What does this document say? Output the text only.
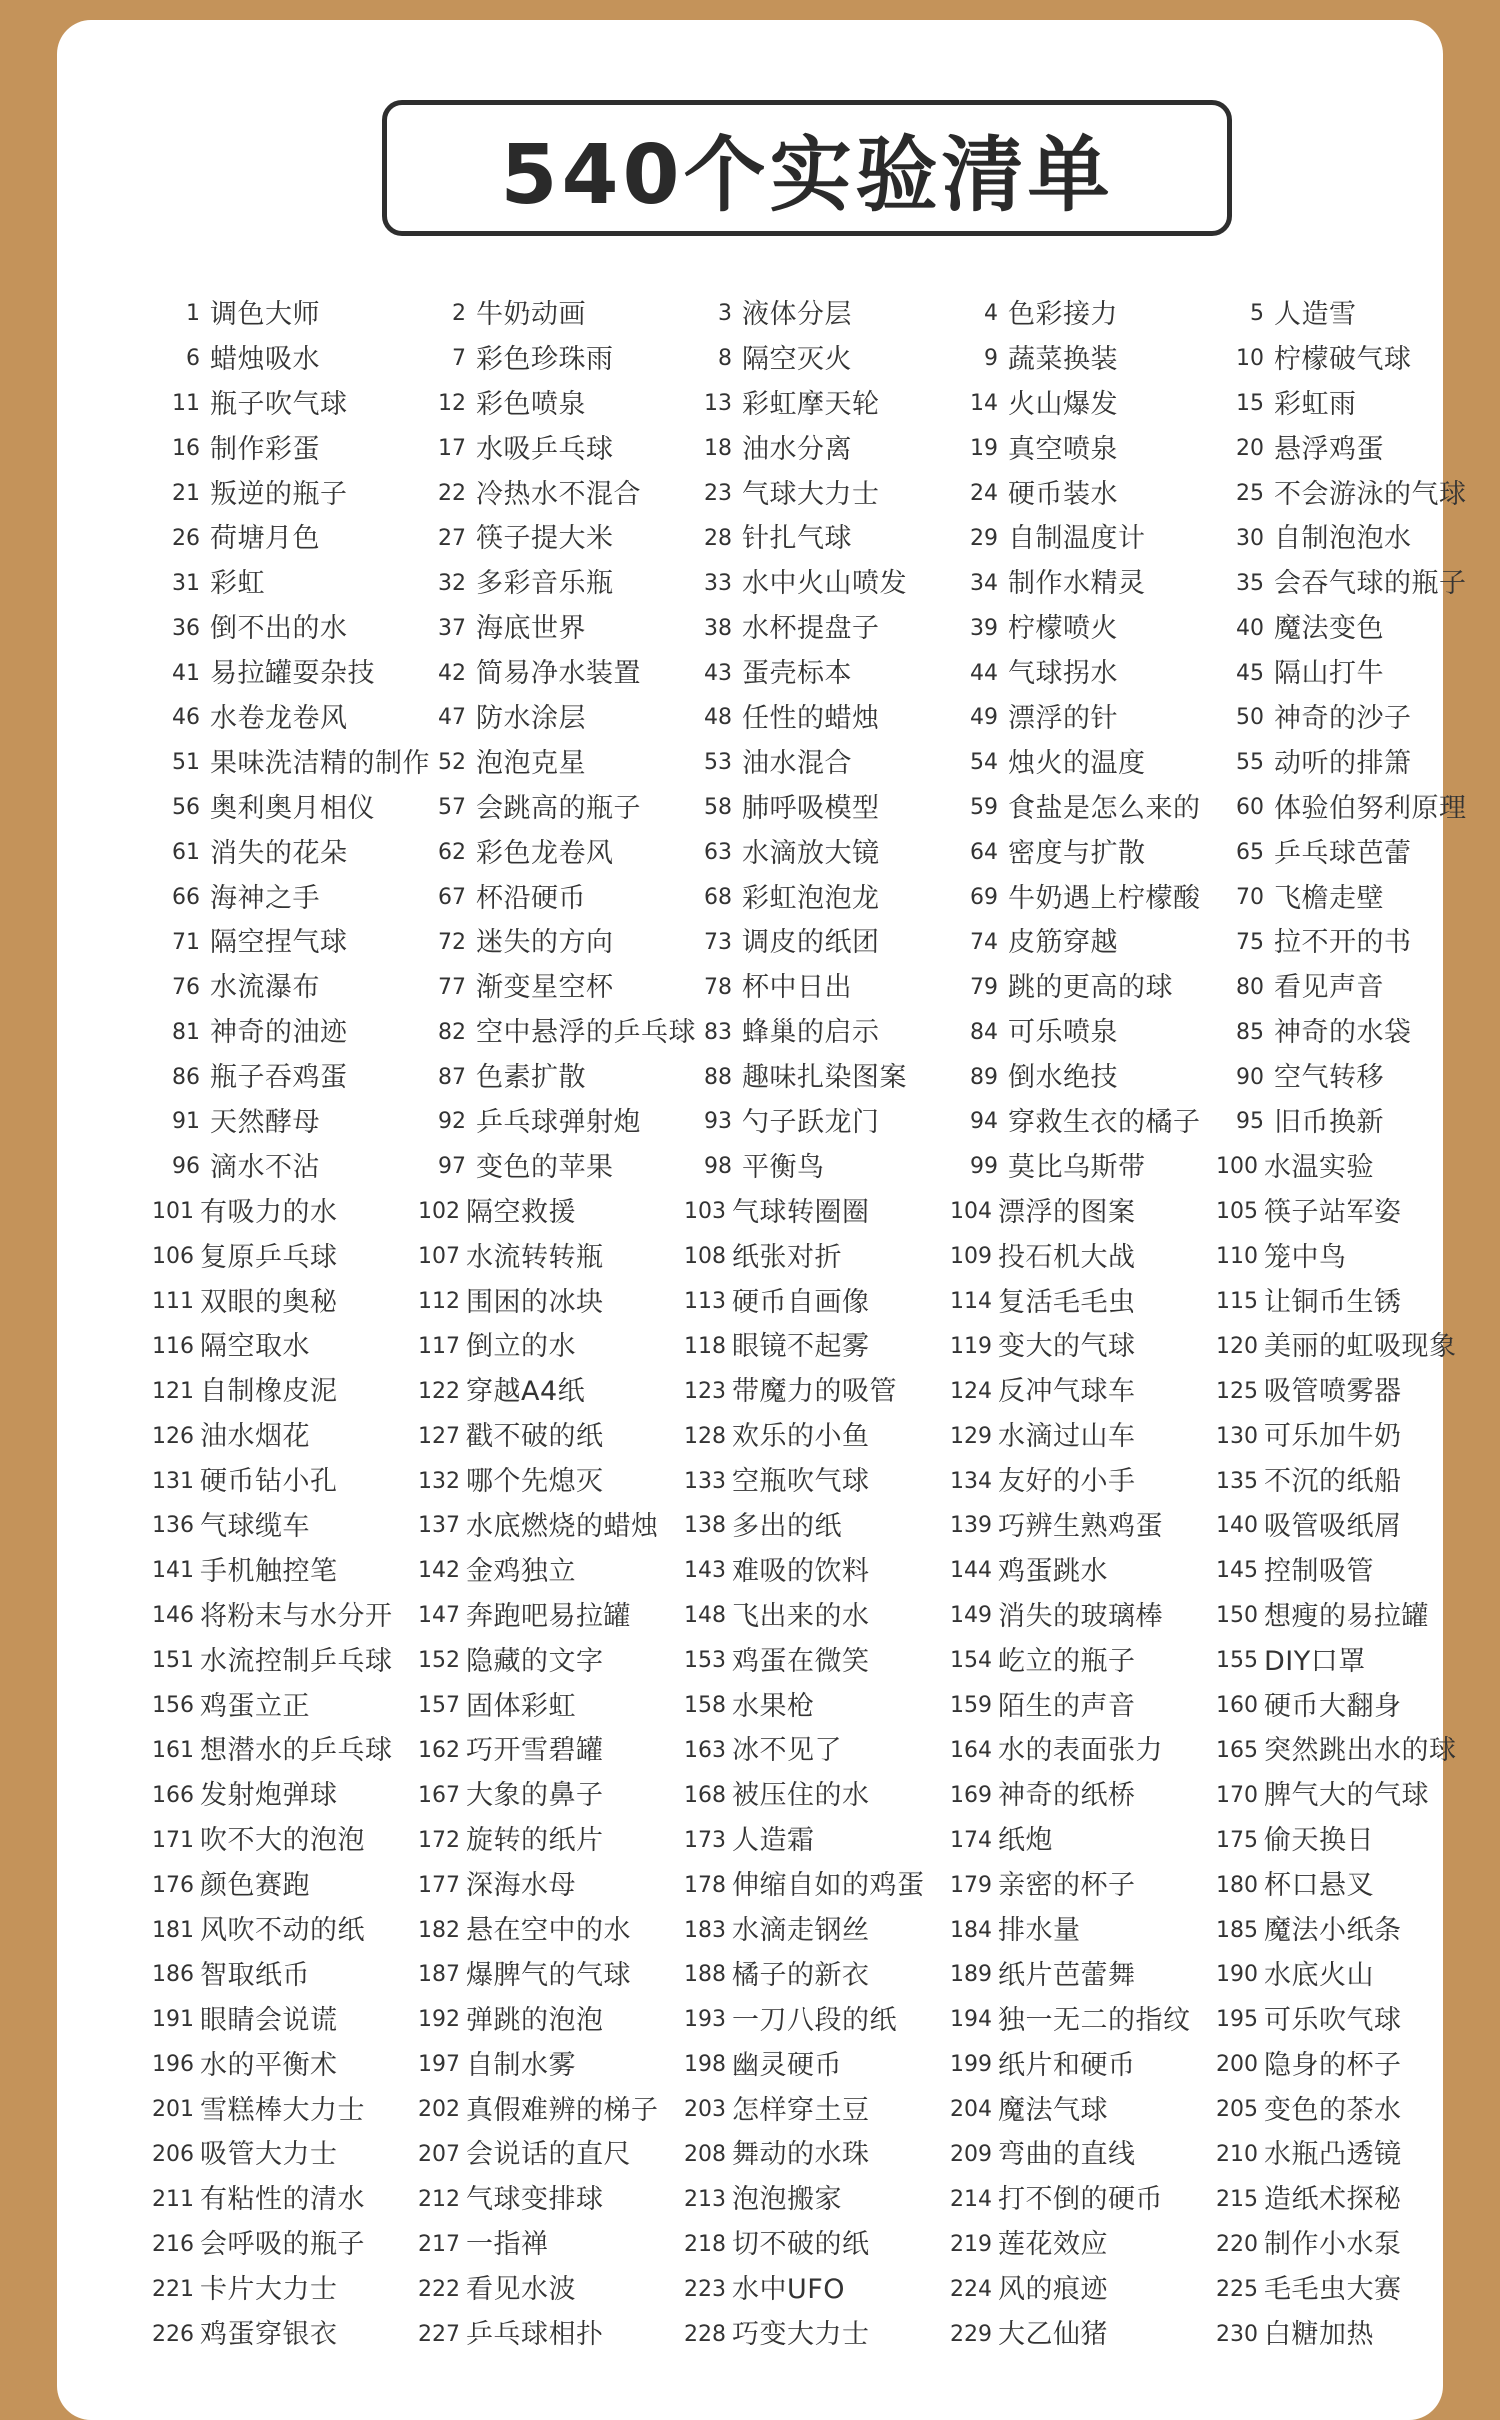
540个实验清单
1 调色大师	2 牛奶动画	3 液体分层	4 色彩接力	5 人造雪
6 蜡烛吸水	7 彩色珍珠雨	8 隔空灭火	9 蔬菜换装	10 柠檬破气球
11 瓶子吹气球	12 彩色喷泉	13 彩虹摩天轮	14 火山爆发	15 彩虹雨
16 制作彩蛋	17 水吸乒乓球	18 油水分离	19 真空喷泉	20 悬浮鸡蛋
21 叛逆的瓶子	22 冷热水不混合	23 气球大力士	24 硬币装水	25 不会游泳的气球
26 荷塘月色	27 筷子提大米	28 针扎气球	29 自制温度计	30 自制泡泡水
31 彩虹	32 多彩音乐瓶	33 水中火山喷发	34 制作水精灵	35 会吞气球的瓶子
36 倒不出的水	37 海底世界	38 水杯提盘子	39 柠檬喷火	40 魔法变色
41 易拉罐耍杂技	42 简易净水装置	43 蛋壳标本	44 气球拐水	45 隔山打牛
46 水卷龙卷风	47 防水涂层	48 任性的蜡烛	49 漂浮的针	50 神奇的沙子
51 果味洗洁精的制作 52 泡泡克星	53 油水混合	54 烛火的温度	55 动听的排箫
56 奥利奥月相仪	57 会跳高的瓶子	58 肺呼吸模型	59 食盐是怎么来的	60 体验伯努利原理
61 消失的花朵	62 彩色龙卷风	63 水滴放大镜	64 密度与扩散	65 乒乓球芭蕾
66 海神之手	67 杯沿硬币	68 彩虹泡泡龙	69 牛奶遇上柠檬酸	70 飞檐走壁
71 隔空捏气球	72 迷失的方向	73 调皮的纸团	74 皮筋穿越	75 拉不开的书
76 水流瀑布	77 渐变星空杯	78 杯中日出	79 跳的更高的球	80 看见声音
81 神奇的油迹	82 空中悬浮的乒乓球 83 蜂巢的启示	84 可乐喷泉	85 神奇的水袋
86 瓶子吞鸡蛋	87 色素扩散	88 趣味扎染图案	89 倒水绝技	90 空气转移
91 天然酵母	92 乒乓球弹射炮	93 勺子跃龙门	94 穿救生衣的橘子	95 旧币换新
96 滴水不沾	97 变色的苹果	98 平衡鸟	99 莫比乌斯带	100 水温实验
101 有吸力的水	102 隔空救援	103 气球转圈圈	104 漂浮的图案	105 筷子站军姿
106 复原乒乓球	107 水流转转瓶	108 纸张对折	109 投石机大战	110 笼中鸟
111 双眼的奥秘	112 围困的冰块	113 硬币自画像	114 复活毛毛虫	115 让铜币生锈
116 隔空取水	117 倒立的水	118 眼镜不起雾	119 变大的气球	120 美丽的虹吸现象
121 自制橡皮泥	122 穿越A4纸	123 带魔力的吸管 124 反冲气球车	125 吸管喷雾器
126 油水烟花	127 戳不破的纸	128 欢乐的小鱼	129 水滴过山车	130 可乐加牛奶
131 硬币钻小孔	132 哪个先熄灭	133 空瓶吹气球	134 友好的小手	135 不沉的纸船
136 气球缆车	137 水底燃烧的蜡烛 138 多出的纸	139 巧辨生熟鸡蛋 140 吸管吸纸屑
141 手机触控笔	142 金鸡独立	143 难吸的饮料	144 鸡蛋跳水	145 控制吸管
146 将粉末与水分开 147 奔跑吧易拉罐 148 飞出来的水	149 消失的玻璃棒 150 想瘦的易拉罐
151 水流控制乒乓球 152 隐藏的文字	153 鸡蛋在微笑	154 屹立的瓶子	155 DIY口罩
156 鸡蛋立正	157 固体彩虹	158 水果枪	159 陌生的声音	160 硬币大翻身
161 想潜水的乒乓球 162 巧开雪碧罐	163 冰不见了	164 水的表面张力 165 突然跳出水的球
166 发射炮弹球	167 大象的鼻子	168 被压住的水	169 神奇的纸桥	170 脾气大的气球
171 吹不大的泡泡 172 旋转的纸片	173 人造霜	174 纸炮	175 偷天换日
176 颜色赛跑	177 深海水母	178 伸缩自如的鸡蛋 179 亲密的杯子	180 杯口悬叉
181 风吹不动的纸 182 悬在空中的水 183 水滴走钢丝	184 排水量	185 魔法小纸条
186 智取纸币	187 爆脾气的气球 188 橘子的新衣	189 纸片芭蕾舞	190 水底火山
191 眼睛会说谎	192 弹跳的泡泡	193 一刀八段的纸 194 独一无二的指纹 195 可乐吹气球
196 水的平衡术	197 自制水雾	198 幽灵硬币	199 纸片和硬币	200 隐身的杯子
201 雪糕棒大力士 202 真假难辨的梯子 203 怎样穿土豆	204 魔法气球	205 变色的茶水
206 吸管大力士	207 会说话的直尺 208 舞动的水珠	209 弯曲的直线	210 水瓶凸透镜
211 有粘性的清水 212 气球变排球	213 泡泡搬家	214 打不倒的硬币 215 造纸术探秘
216 会呼吸的瓶子 217 一指禅	218 切不破的纸	219 莲花效应	220 制作小水泵
221 卡片大力士	222 看见水波	223 水中UFO	224 风的痕迹	225 毛毛虫大赛
226 鸡蛋穿银衣	227 乒乓球相扑	228 巧变大力士	229 大乙仙猪	230 白糖加热
